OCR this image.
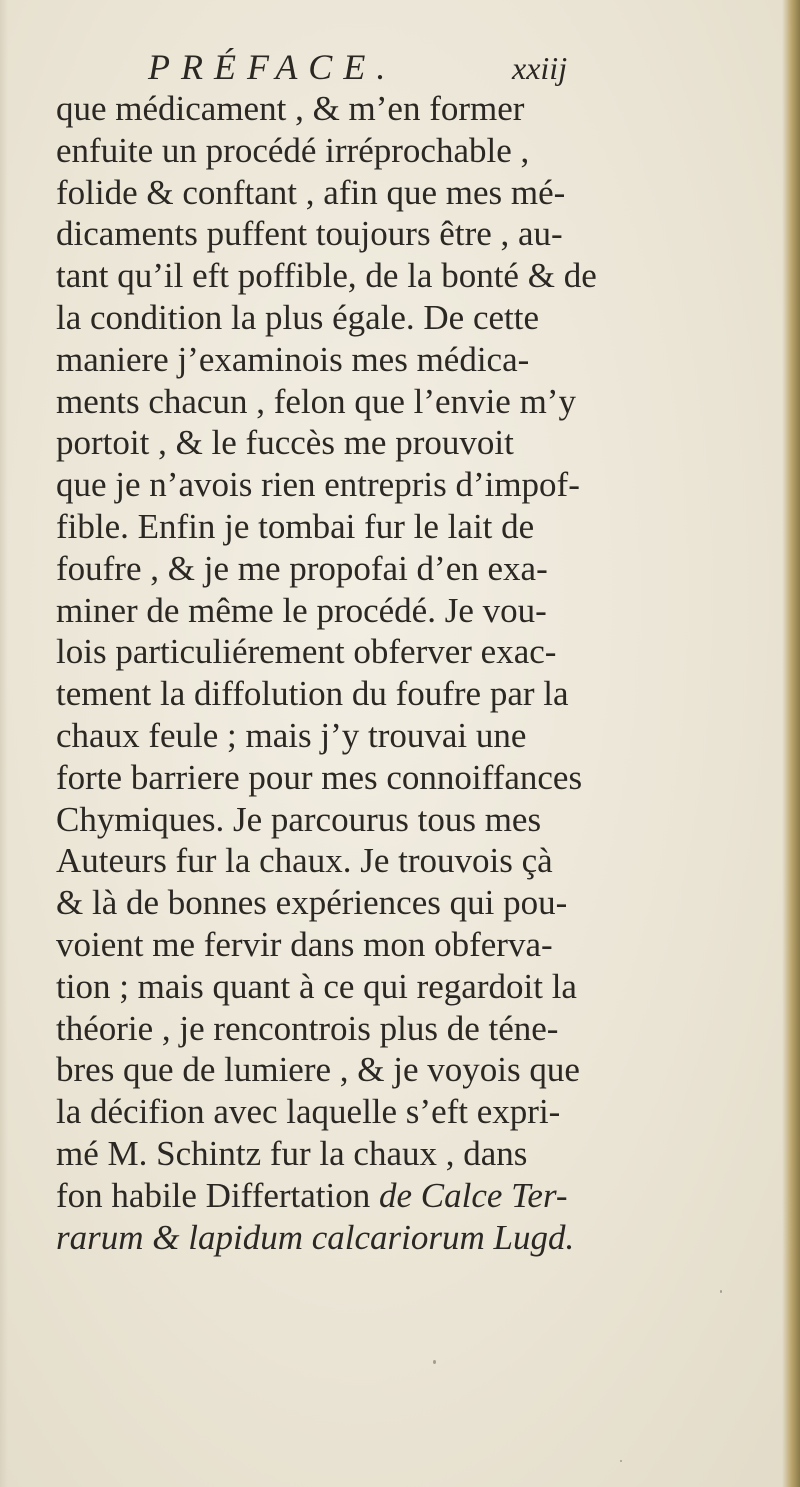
PRÉFACE.	xxiij
que médicament , & m’en former
enfuite un procédé irréprochable ,
folide & conftant , afin que mes mé-
dicaments puffent toujours être , au-
tant qu’il eft poffible, de la bonté & de
la condition la plus égale. De cette
maniere j’examinois mes médica-
ments chacun , felon que l’envie m’y
portoit , & le fuccès me prouvoit
que je n’avois rien entrepris d’impof-
fible. Enfin je tombai fur le lait de
foufre , & je me propofai d’en exa-
miner de même le procédé. Je vou-
lois particuliérement obferver exac-
tement la diffolution du foufre par la
chaux feule ; mais j’y trouvai une
forte barriere pour mes connoiffances
Chymiques. Je parcourus tous mes
Auteurs fur la chaux. Je trouvois çà
& là de bonnes expériences qui pou-
voient me fervir dans mon obferva-
tion ; mais quant à ce qui regardoit la
théorie , je rencontrois plus de téne-
bres que de lumiere , & je voyois que
la décifion avec laquelle s’eft expri-
mé M. Schintz fur la chaux , dans
fon habile Differtation de Calce Ter-
rarum & lapidum calcariorum Lugd.
